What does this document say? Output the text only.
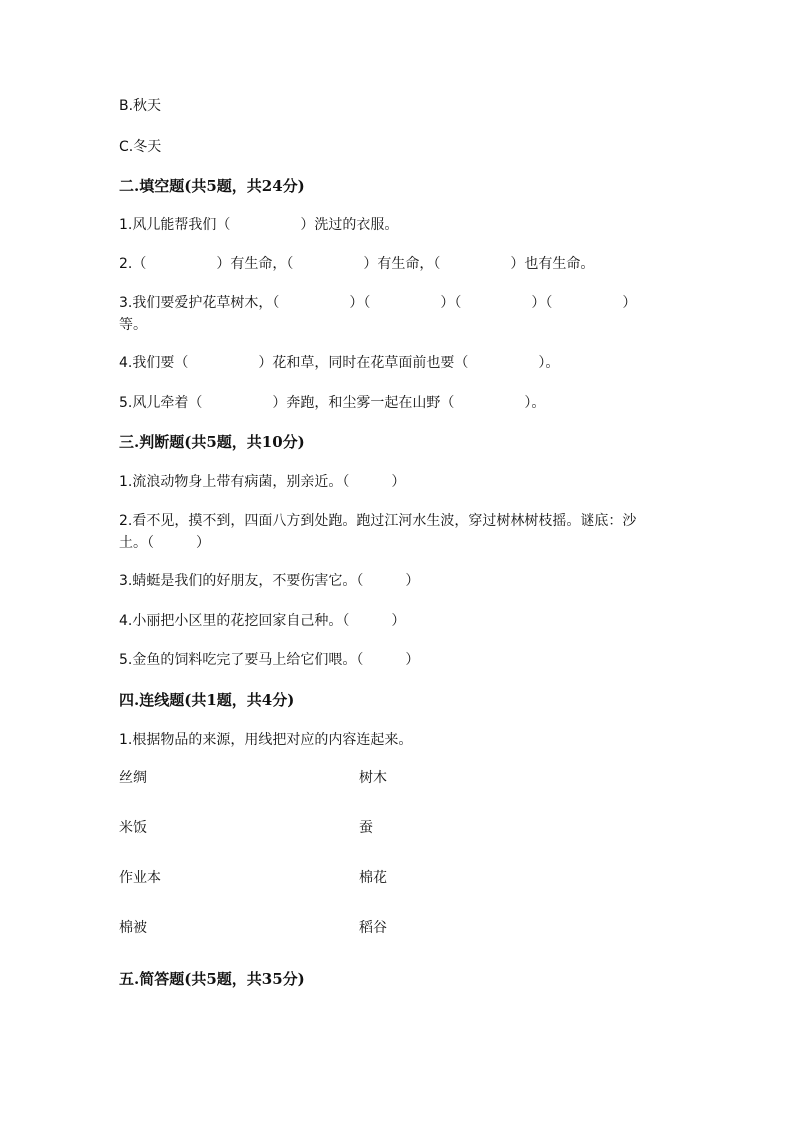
B.秋天
C.冬天
二.填空题(共5题，共24分)
1.风儿能帮我们（　　　　　）洗过的衣服。
2.（　　　　　）有生命，（　　　　　）有生命，（　　　　　）也有生命。
3.我们要爱护花草树木，（　　　　　）（　　　　　）（　　　　　）（　　　　　）等。
4.我们要（　　　　　）花和草，同时在花草面前也要（　　　　　）。
5.风儿牵着（　　　　　）奔跑，和尘雾一起在山野（　　　　　）。
三.判断题(共5题，共10分)
1.流浪动物身上带有病菌，别亲近。（　　　）
2.看不见，摸不到，四面八方到处跑。跑过江河水生波，穿过树林树枝摇。谜底：沙土。（　　　）
3.蜻蜓是我们的好朋友，不要伤害它。（　　　）
4.小丽把小区里的花挖回家自己种。（　　　）
5.金鱼的饲料吃完了要马上给它们喂。（　　　）
四.连线题(共1题，共4分)
1.根据物品的来源，用线把对应的内容连起来。
丝绸	树木
米饭	蚕
作业本	棉花
棉被	稻谷
五.简答题(共5题，共35分)
